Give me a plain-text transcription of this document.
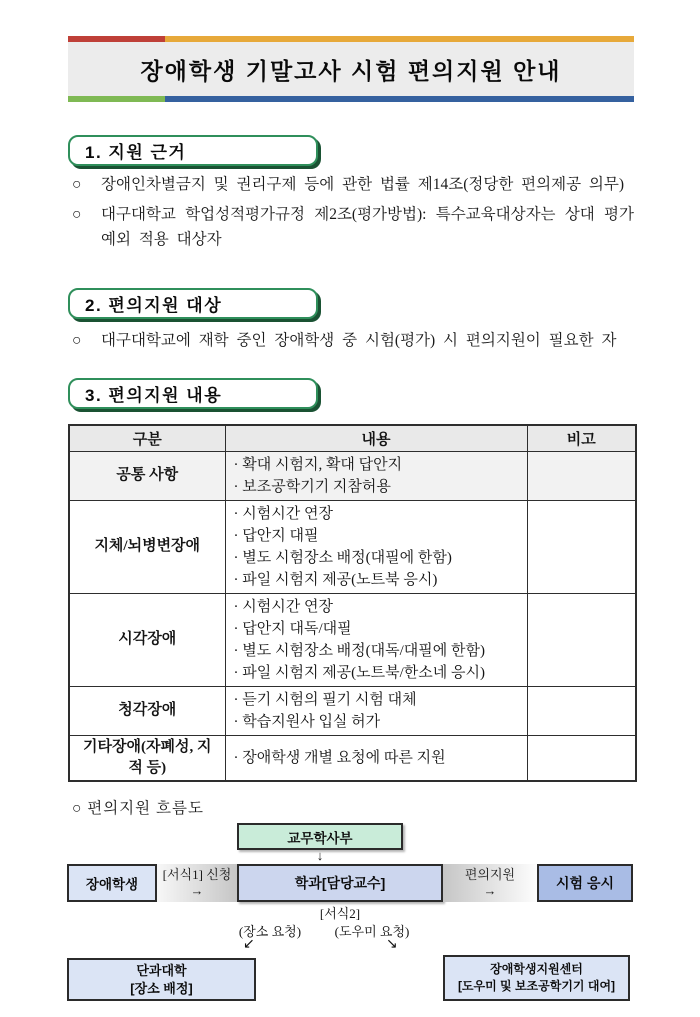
장애학생 기말고사 시험 편의지원 안내
1. 지원 근거
○ 장애인차별금지 및 권리구제 등에 관한 법률 제14조(정당한 편의제공 의무)
○ 대구대학교 학업성적평가규정 제2조(평가방법): 특수교육대상자는 상대 평가 예외 적용 대상자
2. 편의지원 대상
○ 대구대학교에 재학 중인 장애학생 중 시험(평가) 시 편의지원이 필요한 자
3. 편의지원 내용
구분	내용	비고
공통 사항	· 확대 시험지, 확대 답안지
· 보조공학기기 지참허용	

지체/뇌병변장애	· 시험시간 연장
· 답안지 대필
· 별도 시험장소 배정(대필에 한함)
· 파일 시험지 제공(노트북 응시)	

시각장애	· 시험시간 연장
· 답안지 대독/대필
· 별도 시험장소 배정(대독/대필에 한함)
· 파일 시험지 제공(노트북/한소네 응시)	

청각장애	· 듣기 시험의 필기 시험 대체
· 학습지원사 입실 허가	

기타장애(자폐성, 지적 등)	· 장애학생 개별 요청에 따른 지원	

○ 편의지원 흐름도
교무학사부
↓
장애학생
[서식1] 신청
→	학과[담당교수]
편의지원
→	시험 응시
[서식2]
(장소 요청)	(도우미 요청)
↙	↘
단과대학
[장소 배정]
장애학생지원센터
[도우미 및 보조공학기기 대여]
